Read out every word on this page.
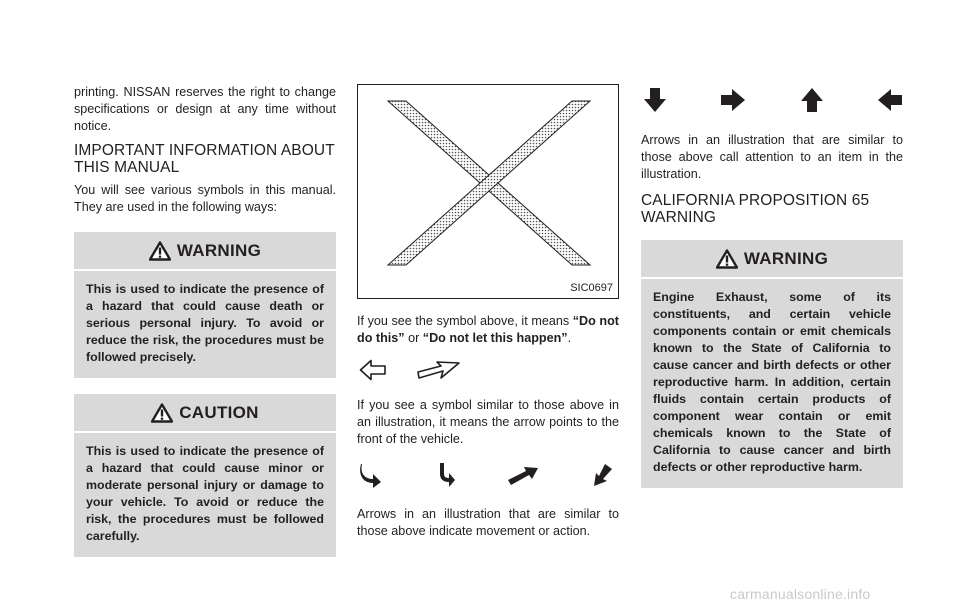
printing. NISSAN reserves the right to change specifications or design at any time without notice.

IMPORTANT INFORMATION ABOUT THIS MANUAL

You will see various symbols in this manual. They are used in the following ways:

WARNING
This is used to indicate the presence of a hazard that could cause death or serious personal injury. To avoid or reduce the risk, the procedures must be followed precisely.
CAUTION
This is used to indicate the presence of a hazard that could cause minor or moderate personal injury or damage to your vehicle. To avoid or reduce the risk, the procedures must be followed carefully.
SIC0697

If you see the symbol above, it means “Do not do this” or “Do not let this happen”.

If you see a symbol similar to those above in an illustration, it means the arrow points to the front of the vehicle.

Arrows in an illustration that are similar to those above indicate movement or action.

Arrows in an illustration that are similar to those above call attention to an item in the illustration.

CALIFORNIA PROPOSITION 65 WARNING
WARNING
Engine Exhaust, some of its constituents, and certain vehicle components contain or emit chemicals known to the State of California to cause cancer and birth defects or other reproductive harm. In addition, certain fluids contain certain products of component wear contain or emit chemicals known to the State of California to cause cancer and birth defects or other reproductive harm.
carmanualsonline.info
